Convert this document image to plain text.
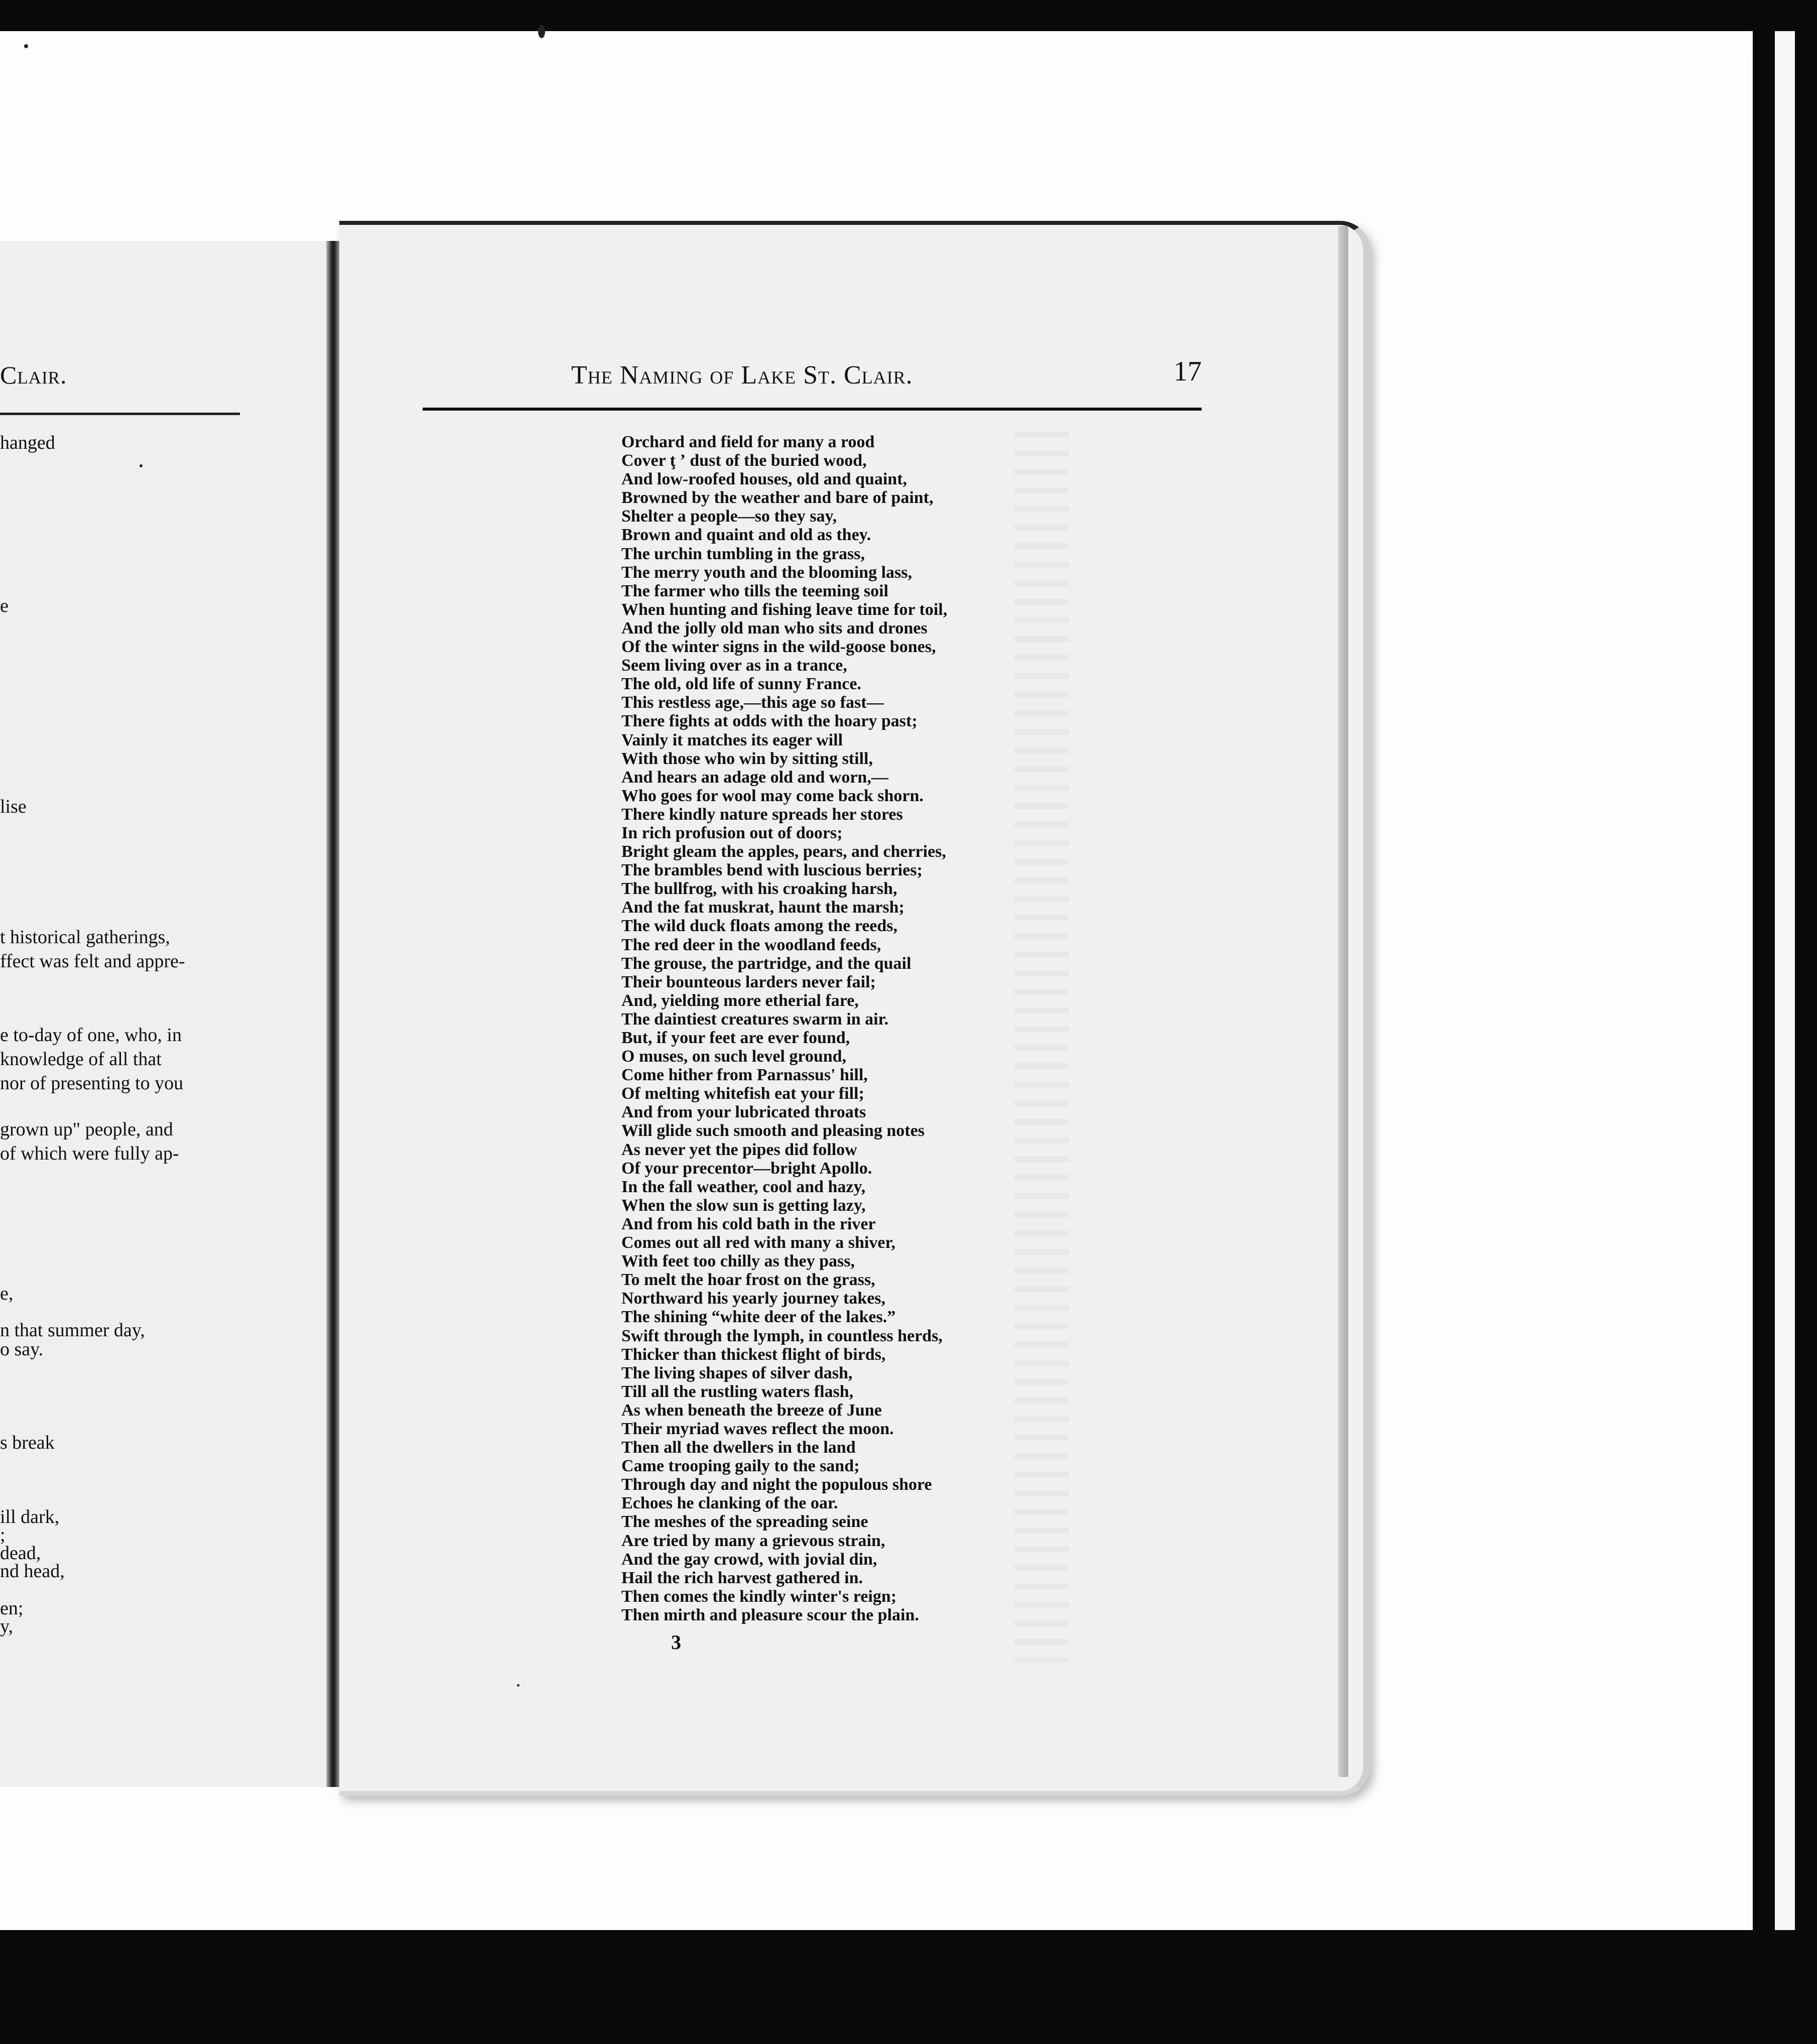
Clair.
hanged
e
lise
t historical gatherings,
ffect was felt and appre-
e to-day of one, who, in
knowledge of all that
nor of presenting to you
grown up" people, and
of which were fully ap-
e,
n that summer day,
o say.
s break
ill dark,
;
dead,
nd head,
en;
y,
The Naming of Lake St. Clair.	17
Orchard and field for many a rood
Cover ţ ʼ dust of the buried wood,
And low-roofed houses, old and quaint,
Browned by the weather and bare of paint,
Shelter a people—so they say,
Brown and quaint and old as they.
The urchin tumbling in the grass,
The merry youth and the blooming lass,
The farmer who tills the teeming soil
When hunting and fishing leave time for toil,
And the jolly old man who sits and drones
Of the winter signs in the wild-goose bones,
Seem living over as in a trance,
The old, old life of sunny France.
This restless age,—this age so fast—
There fights at odds with the hoary past;
Vainly it matches its eager will
With those who win by sitting still,
And hears an adage old and worn,—
Who goes for wool may come back shorn.
There kindly nature spreads her stores
In rich profusion out of doors;
Bright gleam the apples, pears, and cherries,
The brambles bend with luscious berries;
The bullfrog, with his croaking harsh,
And the fat muskrat, haunt the marsh;
The wild duck floats among the reeds,
The red deer in the woodland feeds,
The grouse, the partridge, and the quail
Their bounteous larders never fail;
And, yielding more etherial fare,
The daintiest creatures swarm in air.
But, if your feet are ever found,
O muses, on such level ground,
Come hither from Parnassus' hill,
Of melting whitefish eat your fill;
And from your lubricated throats
Will glide such smooth and pleasing notes
As never yet the pipes did follow
Of your precentor—bright Apollo.
In the fall weather, cool and hazy,
When the slow sun is getting lazy,
And from his cold bath in the river
Comes out all red with many a shiver,
With feet too chilly as they pass,
To melt the hoar frost on the grass,
Northward his yearly journey takes,
The shining “white deer of the lakes.”
Swift through the lymph, in countless herds,
Thicker than thickest flight of birds,
The living shapes of silver dash,
Till all the rustling waters flash,
As when beneath the breeze of June
Their myriad waves reflect the moon.
Then all the dwellers in the land
Came trooping gaily to the sand;
Through day and night the populous shore
Echoes he clanking of the oar.
The meshes of the spreading seine
Are tried by many a grievous strain,
And the gay crowd, with jovial din,
Hail the rich harvest gathered in.
Then comes the kindly winter's reign;
Then mirth and pleasure scour the plain.
3
